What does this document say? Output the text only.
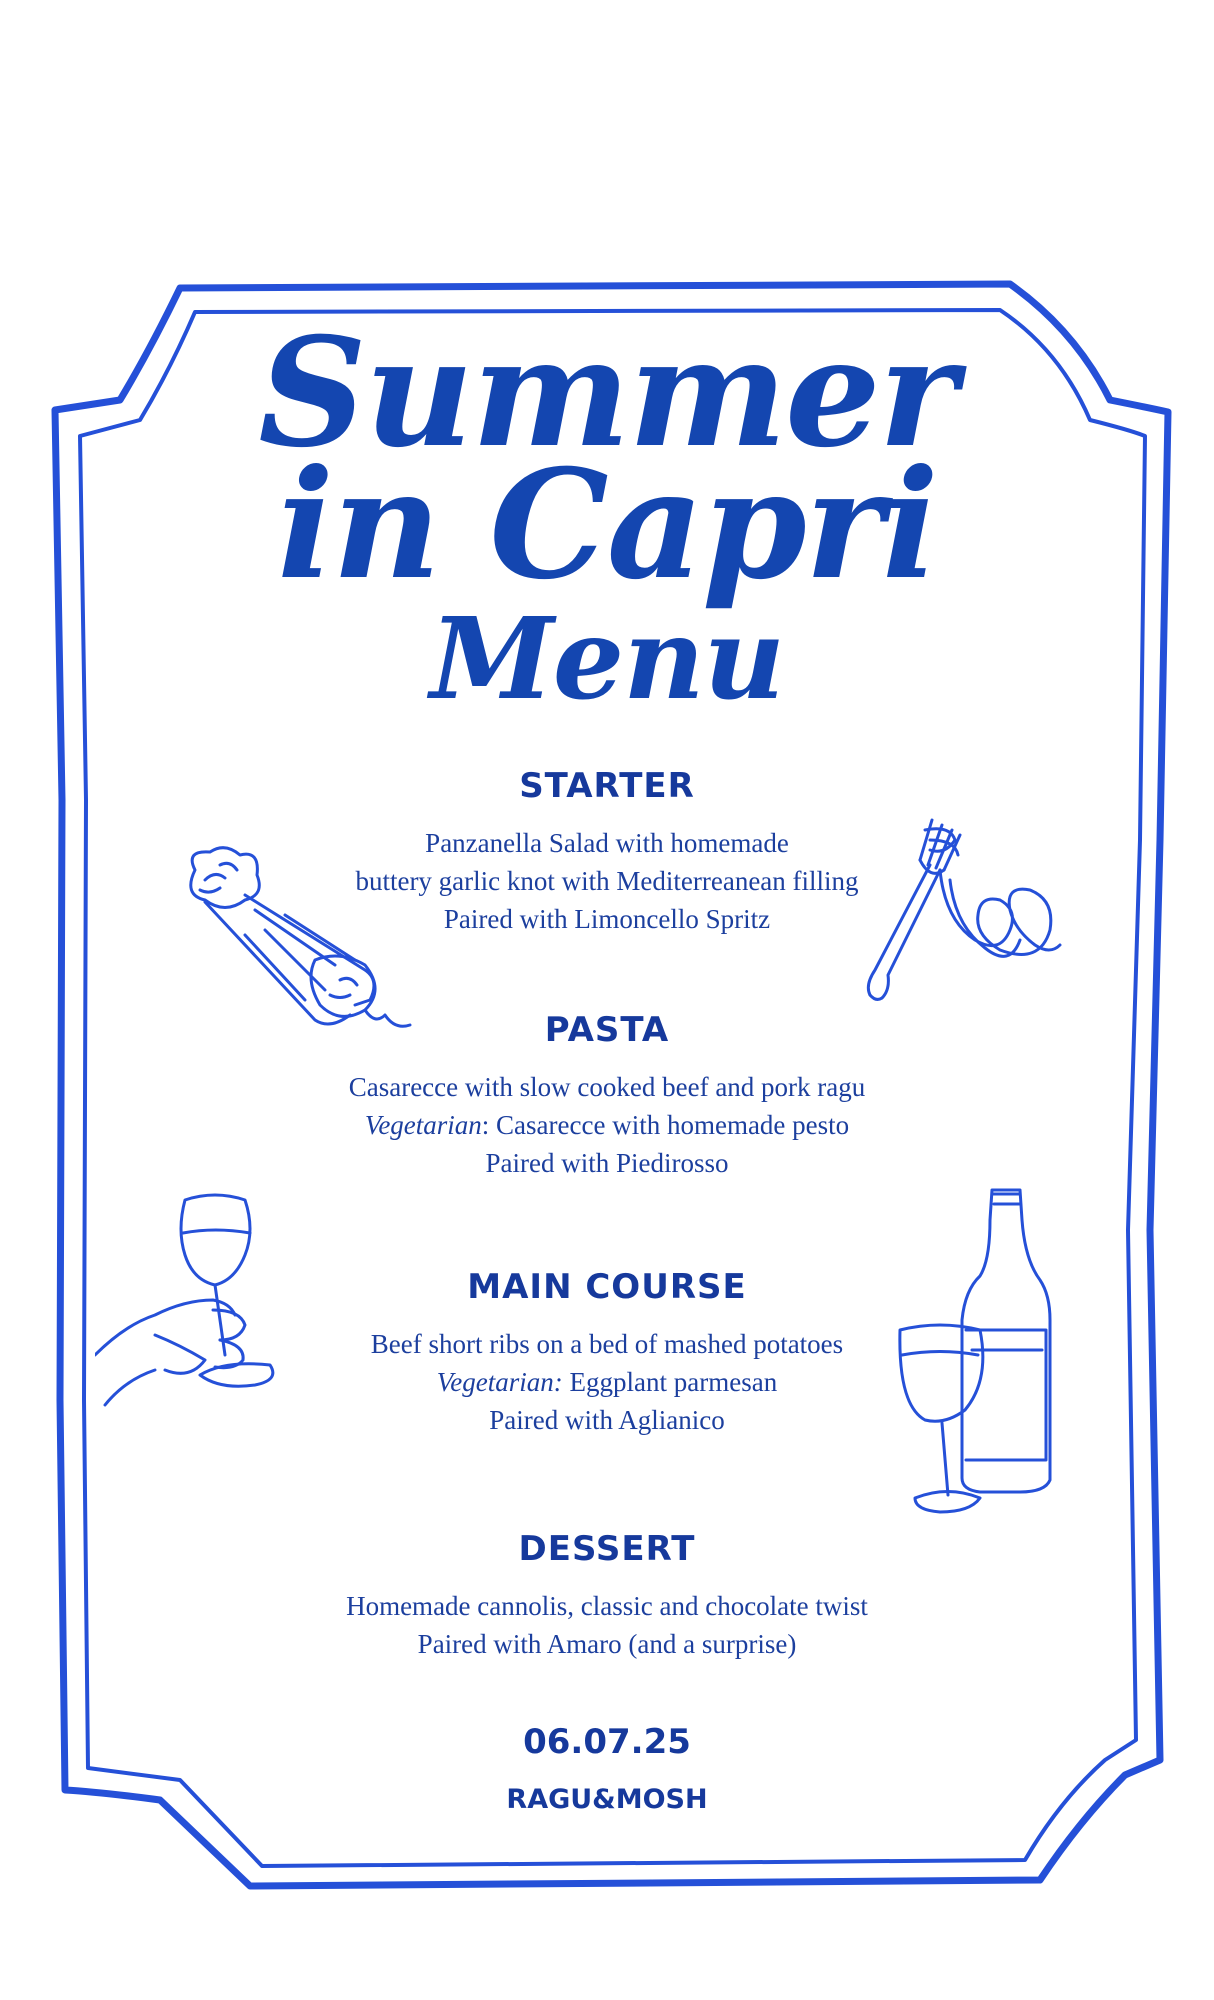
Summer
in Capri
Menu
STARTER

Panzanella Salad with homemade

buttery garlic knot with Mediterreanean filling

Paired with Limoncello Spritz

PASTA

Casarecce with slow cooked beef and pork ragu

Vegetarian: Casarecce with homemade pesto

Paired with Piedirosso

MAIN COURSE

Beef short ribs on a bed of mashed potatoes

Vegetarian: Eggplant parmesan

Paired with Aglianico

DESSERT

Homemade cannolis, classic and chocolate twist

Paired with Amaro (and a surprise)

06.07.25
RAGU&MOSH
